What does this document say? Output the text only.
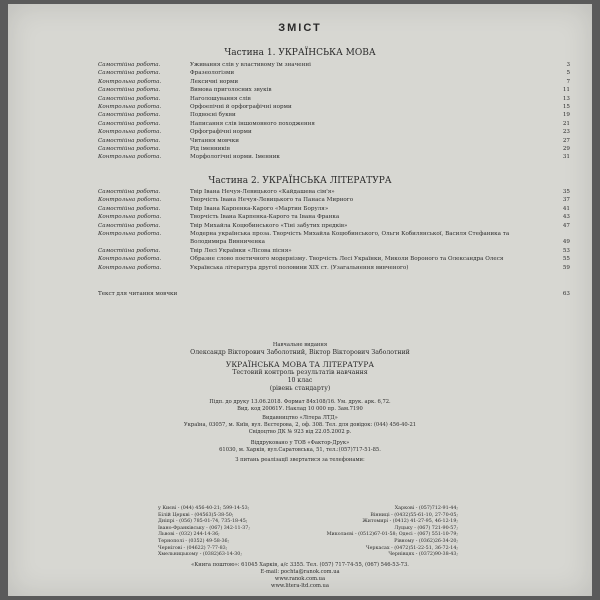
ЗМІСТ
Частина 1. УКРАЇНСЬКА МОВА
Самостійна робота.	Уживання слів у властивому їм значенні	3
Самостійна робота.	Фразеологізми	5
Контрольна робота.	Лексичні норми	7
Самостійна робота.	Вимова приголосних звуків	11
Самостійна робота.	Наголошування слів	13
Контрольна робота.	Орфоепічні й орфографічні норми	15
Самостійна робота.	Подвоєні букви	19
Самостійна робота.	Написання слів іншомовного походження	21
Контрольна робота.	Орфографічні норми	23
Самостійна робота.	Читання мовчки	27
Самостійна робота.	Рід іменників	29
Контрольна робота.	Морфологічні норми. Іменник	31
Частина 2. УКРАЇНСЬКА ЛІТЕРАТУРА
Самостійна робота.	Твір Івана Нечуя-Левицького «Кайдашева сім'я»	35
Контрольна робота.	Творчість Івана Нечуя-Левицького та Панаса Мирного	37
Самостійна робота.	Твір Івана Карпенка-Карого «Мартин Боруля»	41
Контрольна робота.	Творчість Івана Карпенка-Карого та Івана Франка	43
Самостійна робота.	Твір Михайла Коцюбинського «Тіні забутих предків»	47
Контрольна робота.	Модерна українська проза. Творчість Михайла Коцюбинського, Ольги Кобилянської, Василя Стефаника та Володимира Винниченка	49
Самостійна робота.	Твір Лесі Українки «Лісова пісня»	53
Контрольна робота.	Образне слово поетичного модернізму. Творчість Лесі Українки, Миколи Вороного та Олександра Олеся	55
Контрольна робота.	Українська література другої половини ХІХ ст. (Узагальнення вивченого)	59
Текст для читання мовчки	63
Навчальне видання
Олександр Вікторович Заболотний, Віктор Вікторович Заболотний
УКРАЇНСЬКА МОВА ТА ЛІТЕРАТУРА
Тестовий контроль результатів навчання
10 клас
(рівень стандарту)
Підп. до друку 13.06.2018. Формат 84х108/16. Ум. друк. арк. 6,72.
Вид. код 20061У. Наклад 10 000 пр. Зам.7190
Видавництво «Літера ЛТД»
Україна, 03057, м. Київ, вул. Вєстерова, 2, оф. 308. Тел. для довідок: (044) 456-40-21
Свідоцтво ДК № 923 від 22.05.2002 р.
Віддруковано у ТОВ «Фактор-Друк»
61030, м. Харків, вул.Саратовська, 51, тел.:(057)717-51-85.
З питань реалізації звертатися за телефонами:
у Києві - (044) 456-40-21; 599-14-53;	Харкові - (057)712-91-44;
Білій Церкві - (04563)5-38-50;	Вінниці - (0432)55-61-10, 27-70-05;
Дніпрі - (056) 785-01-74, 735-18-45;	Житомирі - (0412) 41-27-95, 46-12-19;
Івано-Франківську - (067) 342-11-37;	Луцьку - (067) 721-90-57;
Львові - (032) 244-14-36;	Миколаєві - (0512)67-01-58; Одесі - (067) 551-10-79;
Тернополі - (0352) 49-58-36;	Рівному - (0362)26-34-20;
Чернігові - (04622) 7-77-83;	Черкасах - (0472)51-22-51, 36-72-14;
Хмельницькому - (0382)63-14-30;	Чернівцях - (0372)90-38-43;
«Книга поштою»: 61045 Харків, а/с 3355. Тел. (057) 717-74-55, (067) 546-53-73.
E-mail: pochta@ranok.com.ua
www.ranok.com.ua
www.litera-ltd.com.ua
